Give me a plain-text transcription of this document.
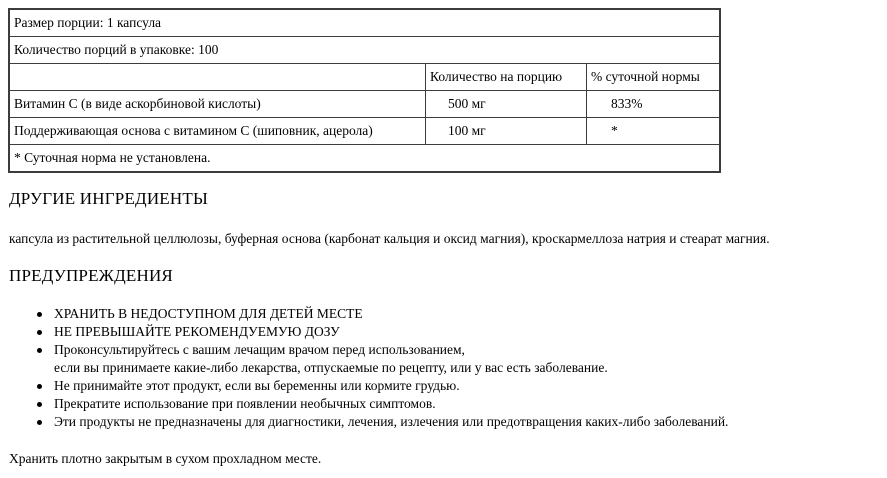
Размер порции: 1 капсула		
Количество порций в упаковке: 100		
	Количество на порцию	% суточной нормы
Витамин С (в виде аскорбиновой кислоты)	500 мг	833%
Поддерживающая основа с витамином С (шиповник, ацерола)	100 мг	*
* Суточная норма не установлена.		
ДРУГИЕ ИНГРЕДИЕНТЫ

капсула из растительной целлюлозы, буферная основа (карбонат кальция и оксид магния), кроскармеллоза натрия и стеарат магния.

ПРЕДУПРЕЖДЕНИЯ
ХРАНИТЬ В НЕДОСТУПНОМ ДЛЯ ДЕТЕЙ МЕСТЕ
НЕ ПРЕВЫШАЙТЕ РЕКОМЕНДУЕМУЮ ДОЗУ
Проконсультируйтесь с вашим лечащим врачом перед использованием,
если вы принимаете какие-либо лекарства, отпускаемые по рецепту, или у вас есть заболевание.
Не принимайте этот продукт, если вы беременны или кормите грудью.
Прекратите использование при появлении необычных симптомов.
Эти продукты не предназначены для диагностики, лечения, излечения или предотвращения каких-либо заболеваний.

Хранить плотно закрытым в сухом прохладном месте.
